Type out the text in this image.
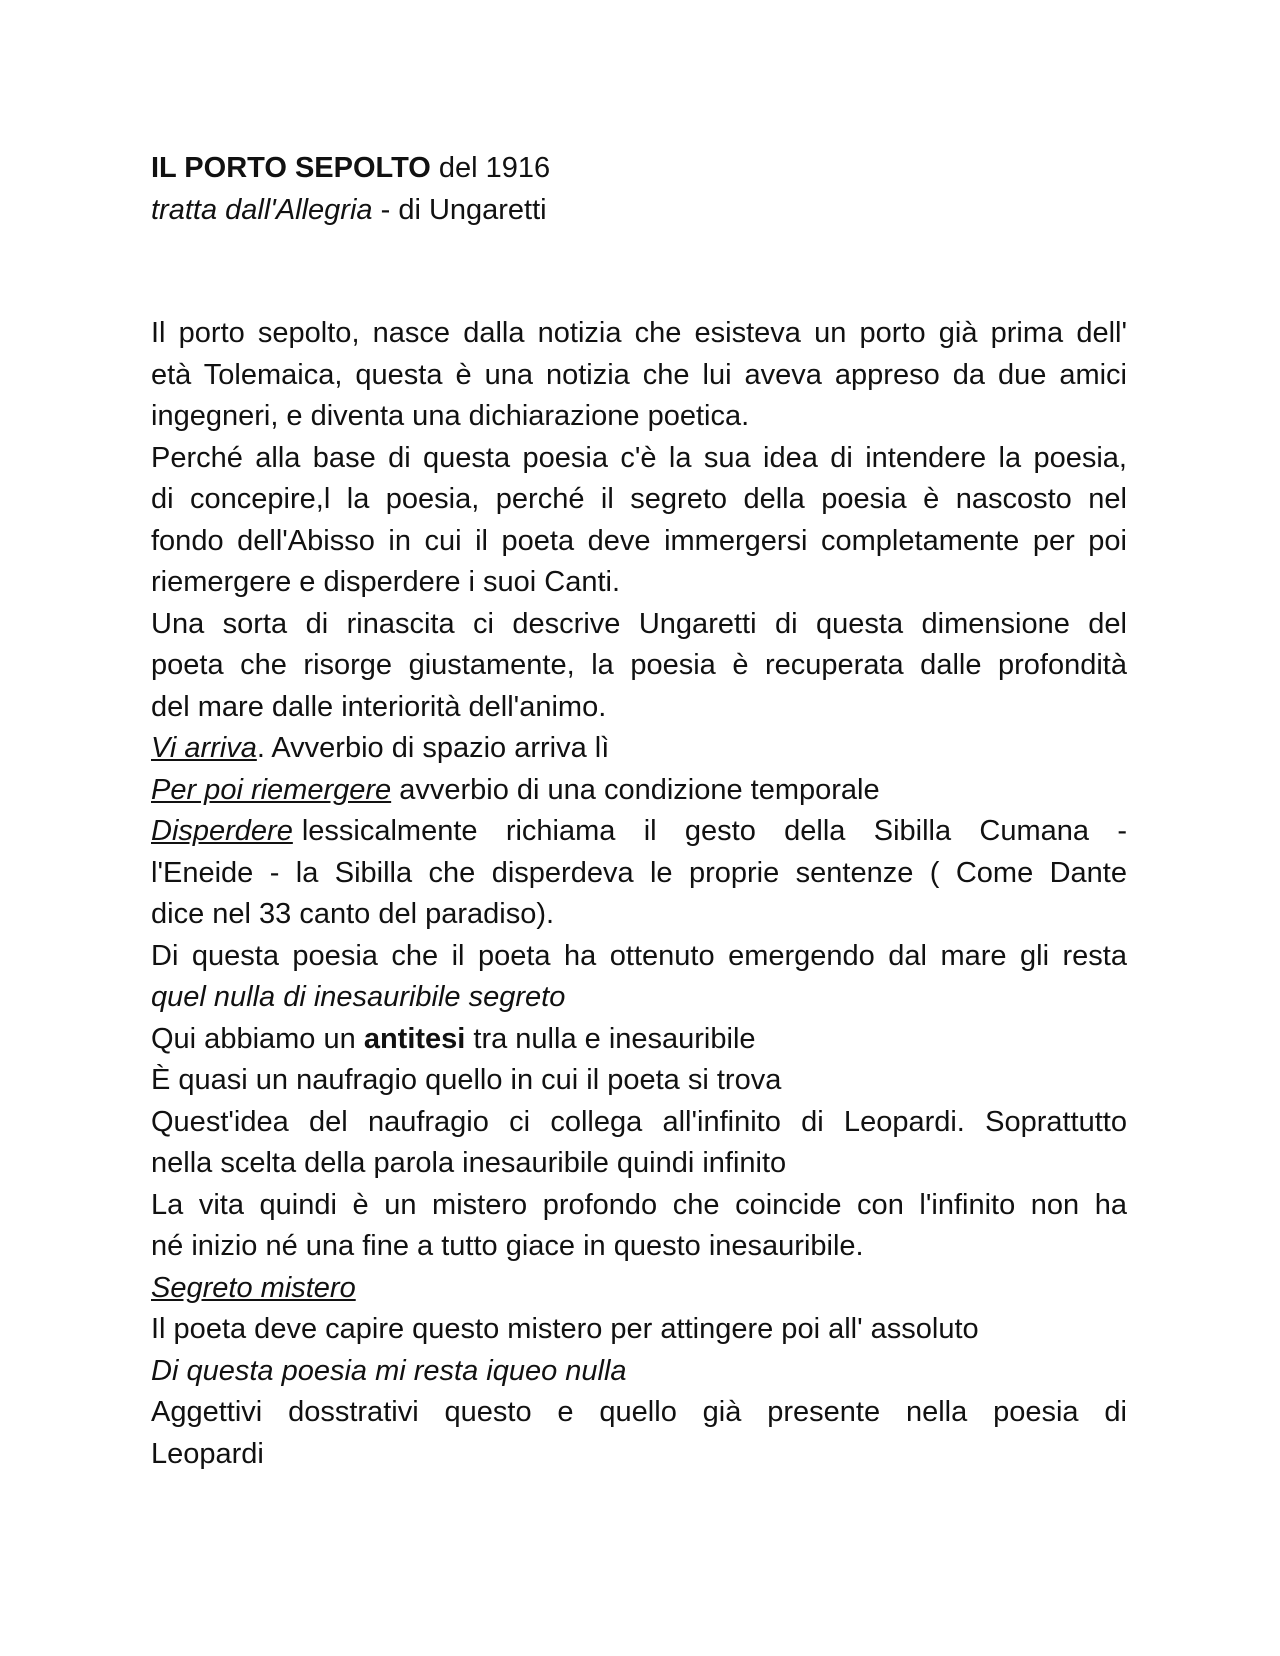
IL PORTO SEPOLTO del 1916
tratta dall'Allegria - di Ungaretti
Il porto sepolto, nasce dalla notizia che esisteva un porto già prima dell'
età Tolemaica, questa è una notizia che lui aveva appreso da due amici
ingegneri, e diventa una dichiarazione poetica.
Perché alla base di questa poesia c'è la sua idea di intendere la poesia,
di concepire,l la poesia, perché il segreto della poesia è nascosto nel
fondo dell'Abisso in cui il poeta deve immergersi completamente per poi
riemergere e disperdere i suoi Canti.
Una sorta di rinascita ci descrive Ungaretti di questa dimensione del
poeta che risorge giustamente, la poesia è recuperata dalle profondità
del mare dalle interiorità dell'animo.
Vi arriva. Avverbio di spazio arriva lì
Per poi riemergere avverbio di una condizione temporale
Disperdere lessicalmente richiama il gesto della Sibilla Cumana -
l'Eneide - la Sibilla che disperdeva le proprie sentenze ( Come Dante
dice nel 33 canto del paradiso).
Di questa poesia che il poeta ha ottenuto emergendo dal mare gli resta
quel nulla di inesauribile segreto
Qui abbiamo un antitesi tra nulla e inesauribile
È quasi un naufragio quello in cui il poeta si trova
Quest'idea del naufragio ci collega all'infinito di Leopardi. Soprattutto
nella scelta della parola inesauribile quindi infinito
La vita quindi è un mistero profondo che coincide con l'infinito non ha
né inizio né una fine a tutto giace in questo inesauribile.
Segreto mistero
Il poeta deve capire questo mistero per attingere poi all' assoluto
Di questa poesia mi resta iqueo nulla
Aggettivi dosstrativi questo e quello già presente nella poesia di
Leopardi
